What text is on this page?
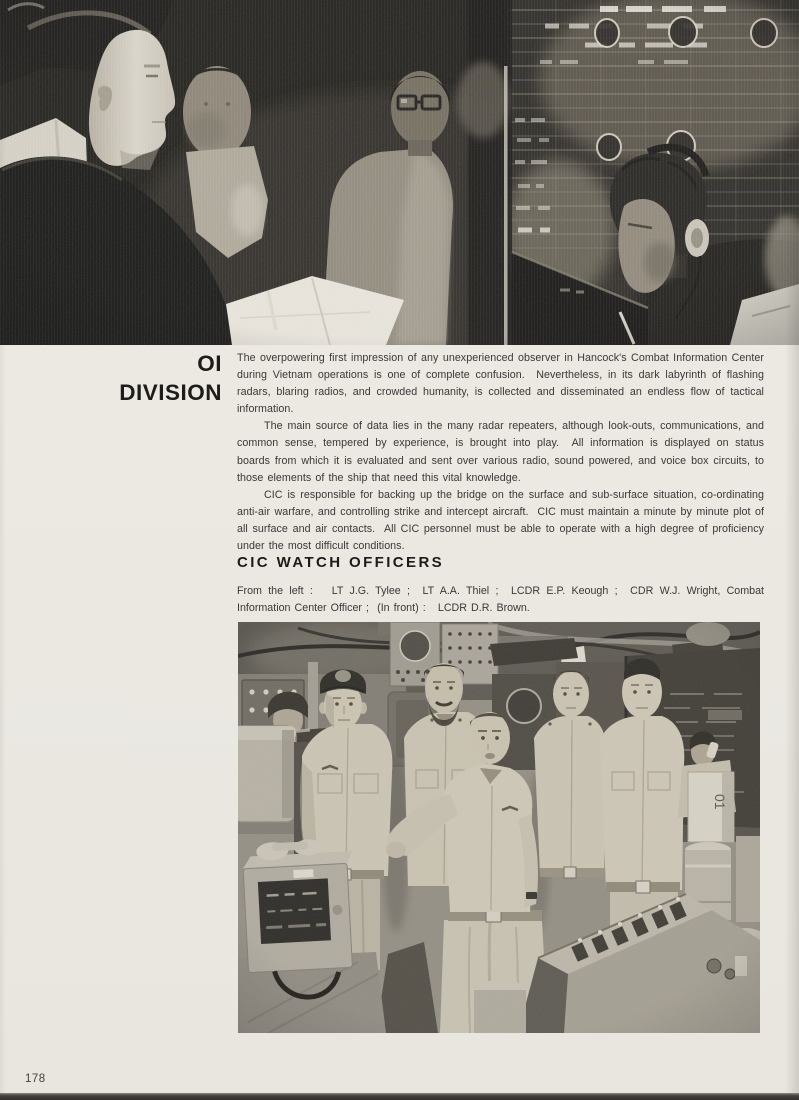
OI
DIVISION

The overpowering first impression of any unexperienced observer in Hancock's Combat Information Center during Vietnam operations is one of complete confusion.  Nevertheless, in its dark labyrinth of flashing radars, blaring radios, and crowded humanity, is collected and disseminated an endless flow of tactical information.

The main source of data lies in the many radar repeaters, although look-outs, communications, and common sense, tempered by experience, is brought into play.  All information is displayed on status boards from which it is evaluated and sent over various radio, sound powered, and voice box circuits, to those elements of the ship that need this vital knowledge.

CIC is responsible for backing up the bridge on the surface and sub-surface situation, co-ordinating anti-air warfare, and controlling strike and intercept aircraft.  CIC must maintain a minute by minute plot of all surface and air contacts.  All CIC personnel must be able to operate with a high degree of proficiency under the most difficult conditions.

CIC WATCH OFFICERS
From the left :   LT J.G. Tylee ;  LT A.A. Thiel ;  LCDR E.P. Keough ;  CDR W.J. Wright, Combat Information Center Officer ;  (In front) :   LCDR D.R. Brown.
178
